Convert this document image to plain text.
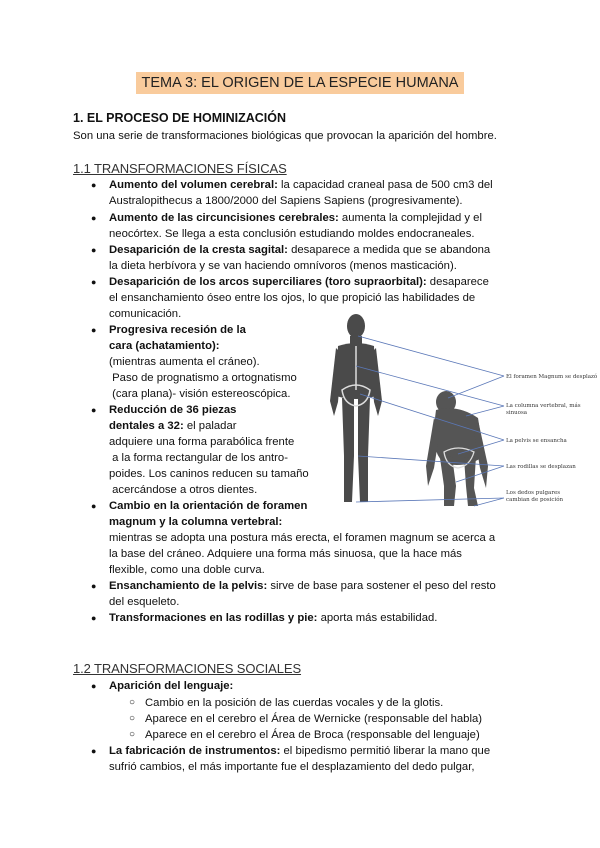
TEMA 3: EL ORIGEN DE LA ESPECIE HUMANA
1. EL PROCESO DE HOMINIZACIÓN
Son una serie de transformaciones biológicas que provocan la aparición del hombre.
1.1 TRANSFORMACIONES FÍSICAS
● Aumento del volumen cerebral: la capacidad craneal pasa de 500 cm3 del
Australopithecus a 1800/2000 del Sapiens Sapiens (progresivamente).
● Aumento de las circuncisiones cerebrales: aumenta la complejidad y el
neocórtex. Se llega a esta conclusión estudiando moldes endocraneales.
● Desaparición de la cresta sagital: desaparece a medida que se abandona
la dieta herbívora y se van haciendo omnívoros (menos masticación).
● Desaparición de los arcos superciliares (toro supraorbital): desaparece
el ensanchamiento óseo entre los ojos, lo que propició las habilidades de
comunicación.
● Progresiva recesión de la
cara (achatamiento):
(mientras aumenta el cráneo).
Paso de prognatismo a ortognatismo
(cara plana)- visión estereoscópica.
● Reducción de 36 piezas
dentales a 32: el paladar
adquiere una forma parabólica frente
a la forma rectangular de los antro-
poides. Los caninos reducen su tamaño
acercándose a otros dientes.
● Cambio en la orientación de foramen
magnum y la columna vertebral:
mientras se adopta una postura más erecta, el foramen magnum se acerca a
la base del cráneo. Adquiere una forma más sinuosa, que la hace más
flexible, como una doble curva.
● Ensanchamiento de la pelvis: sirve de base para sostener el peso del resto
del esqueleto.
● Transformaciones en las rodillas y pie: aporta más estabilidad.
El foramen Magnum se desplazó
La columna vertebral, más
sinuosa
La pelvis se ensancha
Las rodillas se desplazan
Los dedos pulgares
cambian de posición
1.2 TRANSFORMACIONES SOCIALES
● Aparición del lenguaje:
○ Cambio en la posición de las cuerdas vocales y de la glotis.
○ Aparece en el cerebro el Área de Wernicke (responsable del habla)
○ Aparece en el cerebro el Área de Broca (responsable del lenguaje)
● La fabricación de instrumentos: el bipedismo permitió liberar la mano que
sufrió cambios, el más importante fue el desplazamiento del dedo pulgar,
